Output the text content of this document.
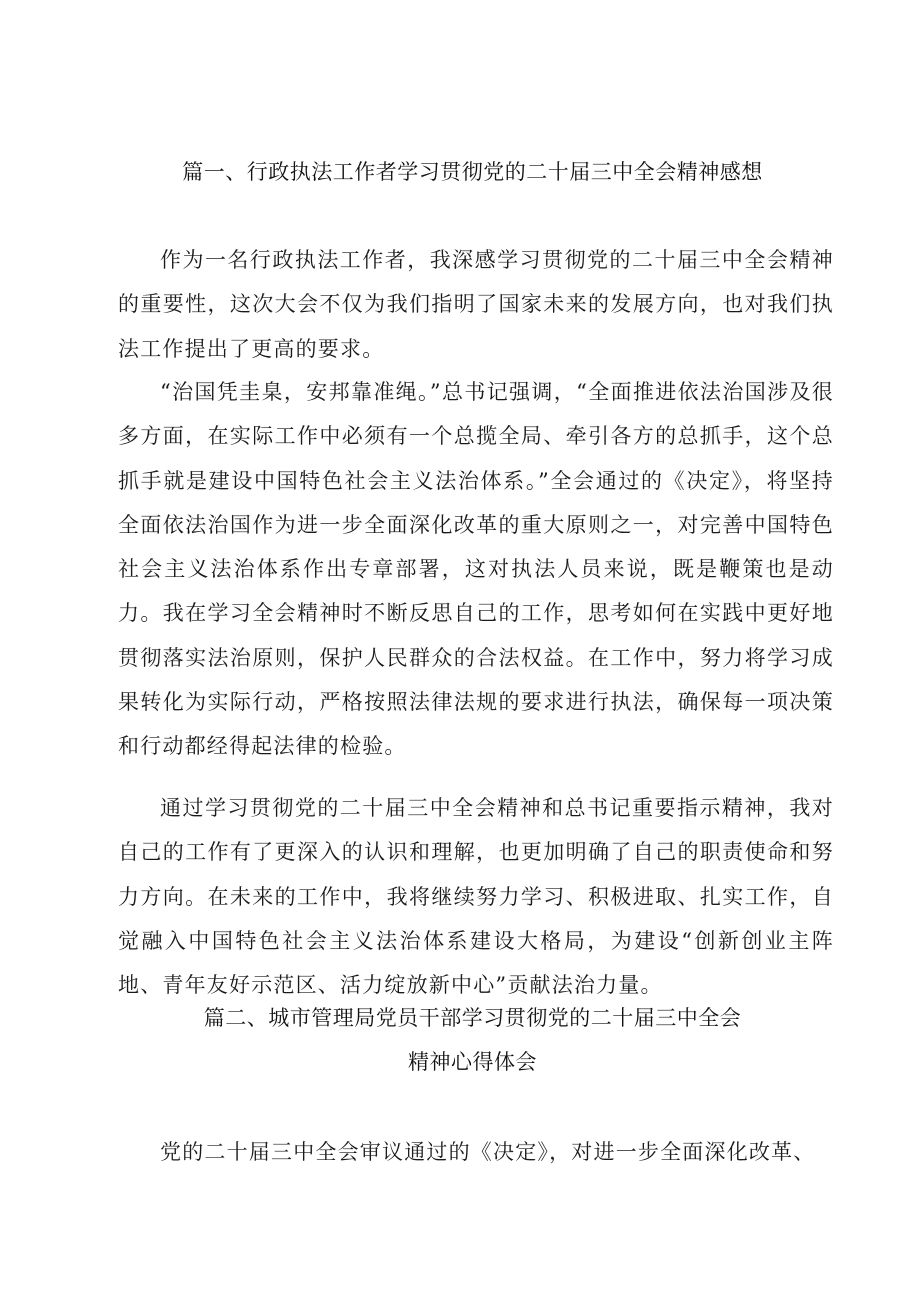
篇一、行政执法工作者学习贯彻党的二十届三中全会精神感想

作为一名行政执法工作者，我深感学习贯彻党的二十届三中全会精神的重要性，这次大会不仅为我们指明了国家未来的发展方向，也对我们执法工作提出了更高的要求。

“治国凭圭臬，安邦靠准绳。”总书记强调，“全面推进依法治国涉及很多方面，在实际工作中必须有一个总揽全局、牵引各方的总抓手，这个总抓手就是建设中国特色社会主义法治体系。”全会通过的《决定》，将坚持全面依法治国作为进一步全面深化改革的重大原则之一，对完善中国特色社会主义法治体系作出专章部署，这对执法人员来说，既是鞭策也是动力。我在学习全会精神时不断反思自己的工作，思考如何在实践中更好地贯彻落实法治原则，保护人民群众的合法权益。在工作中，努力将学习成果转化为实际行动，严格按照法律法规的要求进行执法，确保每一项决策和行动都经得起法律的检验。

通过学习贯彻党的二十届三中全会精神和总书记重要指示精神，我对自己的工作有了更深入的认识和理解，也更加明确了自己的职责使命和努力方向。在未来的工作中，我将继续努力学习、积极进取、扎实工作，自觉融入中国特色社会主义法治体系建设大格局，为建设“创新创业主阵地、青年友好示范区、活力绽放新中心”贡献法治力量。

篇二、城市管理局党员干部学习贯彻党的二十届三中全会
精神心得体会

党的二十届三中全会审议通过的《决定》，对进一步全面深化改革、
